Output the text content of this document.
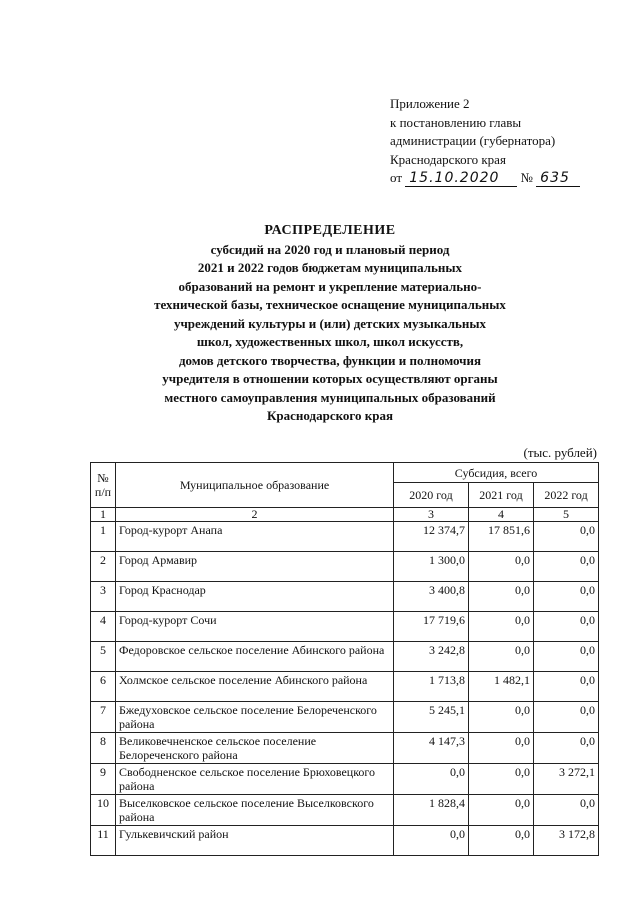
Приложение 2
к постановлению главы
администрации (губернатора)
Краснодарского края
от 15.10.2020 № 635
РАСПРЕДЕЛЕНИЕ
субсидий на 2020 год и плановый период
2021 и 2022 годов бюджетам муниципальных
образований на ремонт и укрепление материально-
технической базы, техническое оснащение муниципальных
учреждений культуры и (или) детских музыкальных
школ, художественных школ, школ искусств,
домов детского творчества, функции и полномочия
учредителя в отношении которых осуществляют органы
местного самоуправления муниципальных образований
Краснодарского края
(тыс. рублей)
№ п/п	Муниципальное образование	Субсидия, всего		
		2020 год	2021 год	2022 год
1	2	3	4	5
1	Город-курорт Анапа	12 374,7	17 851,6	0,0
2	Город Армавир	1 300,0	0,0	0,0
3	Город Краснодар	3 400,8	0,0	0,0
4	Город-курорт Сочи	17 719,6	0,0	0,0
5	Федоровское сельское поселение Абинского района	3 242,8	0,0	0,0
6	Холмское сельское поселение Абинского района	1 713,8	1 482,1	0,0
7	Бжедуховское сельское поселение Белореченского района	5 245,1	0,0	0,0
8	Великовечненское сельское поселение Белореченского района	4 147,3	0,0	0,0
9	Свободненское сельское поселение Брюховецкого района	0,0	0,0	3 272,1
10	Выселковское сельское поселение Выселковского района	1 828,4	0,0	0,0
11	Гулькевичский район	0,0	0,0	3 172,8
